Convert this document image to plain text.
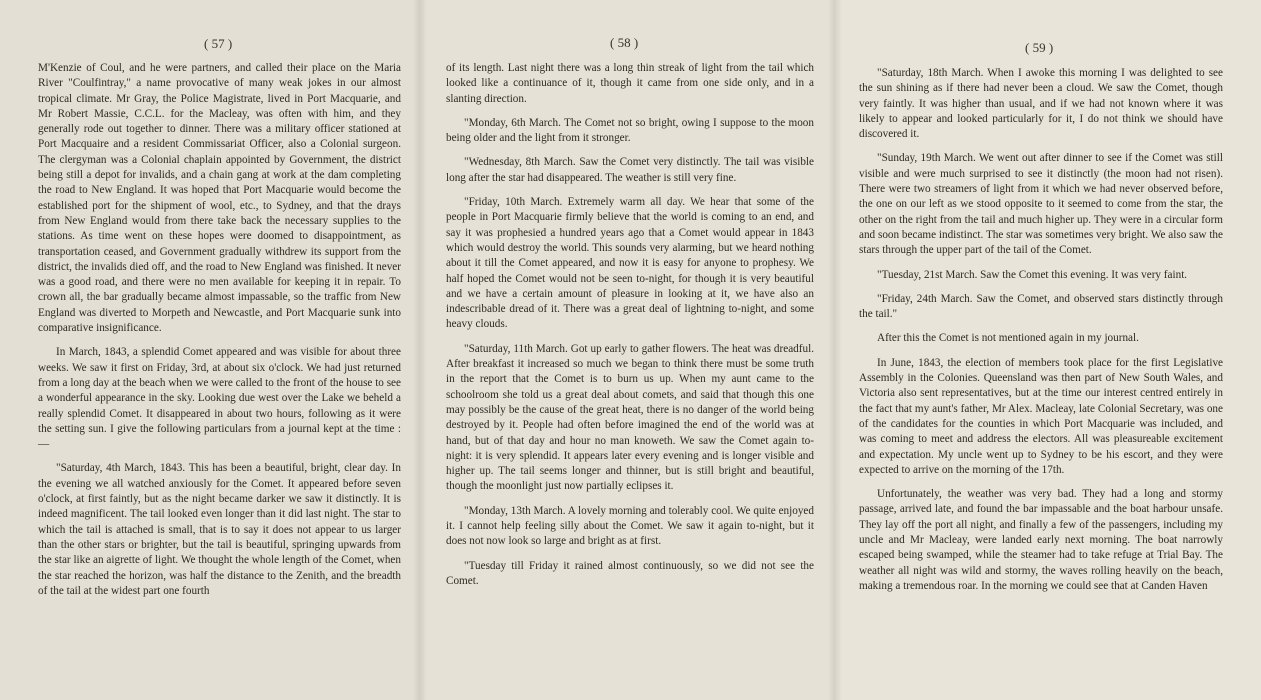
( 57 )

M'Kenzie of Coul, and he were partners, and called their place on the Maria River "Coulfintray," a name provocative of many weak jokes in our almost tropical climate. Mr Gray, the Police Magistrate, lived in Port Macquarie, and Mr Robert Massie, C.C.L. for the Macleay, was often with him, and they generally rode out together to dinner. There was a military officer stationed at Port Macquaire and a resident Commissariat Officer, also a Colonial surgeon. The clergyman was a Colonial chaplain appointed by Government, the district being still a depot for invalids, and a chain gang at work at the dam completing the road to New England. It was hoped that Port Macquarie would become the established port for the shipment of wool, etc., to Sydney, and that the drays from New England would from there take back the necessary supplies to the stations. As time went on these hopes were doomed to disappointment, as transportation ceased, and Government gradually withdrew its support from the district, the invalids died off, and the road to New England was finished. It never was a good road, and there were no men available for keeping it in repair. To crown all, the bar gradually became almost impassable, so the traffic from New England was diverted to Morpeth and Newcastle, and Port Macquarie sunk into comparative insignificance.

In March, 1843, a splendid Comet appeared and was visible for about three weeks. We saw it first on Friday, 3rd, at about six o'clock. We had just returned from a long day at the beach when we were called to the front of the house to see a wonderful appearance in the sky. Looking due west over the Lake we beheld a really splendid Comet. It disappeared in about two hours, following as it were the setting sun. I give the following particulars from a journal kept at the time :—

"Saturday, 4th March, 1843. This has been a beautiful, bright, clear day. In the evening we all watched anxiously for the Comet. It appeared before seven o'clock, at first faintly, but as the night became darker we saw it distinctly. It is indeed magnificent. The tail looked even longer than it did last night. The star to which the tail is attached is small, that is to say it does not appear to us larger than the other stars or brighter, but the tail is beautiful, springing upwards from the star like an aigrette of light. We thought the whole length of the Comet, when the star reached the horizon, was half the distance to the Zenith, and the breadth of the tail at the widest part one fourth

( 58 )

of its length. Last night there was a long thin streak of light from the tail which looked like a continuance of it, though it came from one side only, and in a slanting direction.

"Monday, 6th March. The Comet not so bright, owing I suppose to the moon being older and the light from it stronger.

"Wednesday, 8th March. Saw the Comet very distinctly. The tail was visible long after the star had disappeared. The weather is still very fine.

"Friday, 10th March. Extremely warm all day. We hear that some of the people in Port Macquarie firmly believe that the world is coming to an end, and say it was prophesied a hundred years ago that a Comet would appear in 1843 which would destroy the world. This sounds very alarming, but we heard nothing about it till the Comet appeared, and now it is easy for anyone to prophesy. We half hoped the Comet would not be seen to-night, for though it is very beautiful and we have a certain amount of pleasure in looking at it, we have also an indescribable dread of it. There was a great deal of lightning to-night, and some heavy clouds.

"Saturday, 11th March. Got up early to gather flowers. The heat was dreadful. After breakfast it increased so much we began to think there must be some truth in the report that the Comet is to burn us up. When my aunt came to the schoolroom she told us a great deal about comets, and said that though this one may possibly be the cause of the great heat, there is no danger of the world being destroyed by it. People had often before imagined the end of the world was at hand, but of that day and hour no man knoweth. We saw the Comet again to-night: it is very splendid. It appears later every evening and is longer visible and higher up. The tail seems longer and thinner, but is still bright and beautiful, though the moonlight just now partially eclipses it.

"Monday, 13th March. A lovely morning and tolerably cool. We quite enjoyed it. I cannot help feeling silly about the Comet. We saw it again to-night, but it does not now look so large and bright as at first.

"Tuesday till Friday it rained almost continuously, so we did not see the Comet.

( 59 )

"Saturday, 18th March. When I awoke this morning I was delighted to see the sun shining as if there had never been a cloud. We saw the Comet, though very faintly. It was higher than usual, and if we had not known where it was likely to appear and looked particularly for it, I do not think we should have discovered it.

"Sunday, 19th March. We went out after dinner to see if the Comet was still visible and were much surprised to see it distinctly (the moon had not risen). There were two streamers of light from it which we had never observed before, the one on our left as we stood opposite to it seemed to come from the star, the other on the right from the tail and much higher up. They were in a circular form and soon became indistinct. The star was sometimes very bright. We also saw the stars through the upper part of the tail of the Comet.

"Tuesday, 21st March. Saw the Comet this evening. It was very faint.

"Friday, 24th March. Saw the Comet, and observed stars distinctly through the tail."

After this the Comet is not mentioned again in my journal.

In June, 1843, the election of members took place for the first Legislative Assembly in the Colonies. Queensland was then part of New South Wales, and Victoria also sent representatives, but at the time our interest centred entirely in the fact that my aunt's father, Mr Alex. Macleay, late Colonial Secretary, was one of the candidates for the counties in which Port Macquarie was included, and was coming to meet and address the electors. All was pleasureable excitement and expectation. My uncle went up to Sydney to be his escort, and they were expected to arrive on the morning of the 17th.

Unfortunately, the weather was very bad. They had a long and stormy passage, arrived late, and found the bar impassable and the boat harbour unsafe. They lay off the port all night, and finally a few of the passengers, including my uncle and Mr Macleay, were landed early next morning. The boat narrowly escaped being swamped, while the steamer had to take refuge at Trial Bay. The weather all night was wild and stormy, the waves rolling heavily on the beach, making a tremendous roar. In the morning we could see that at Canden Haven
